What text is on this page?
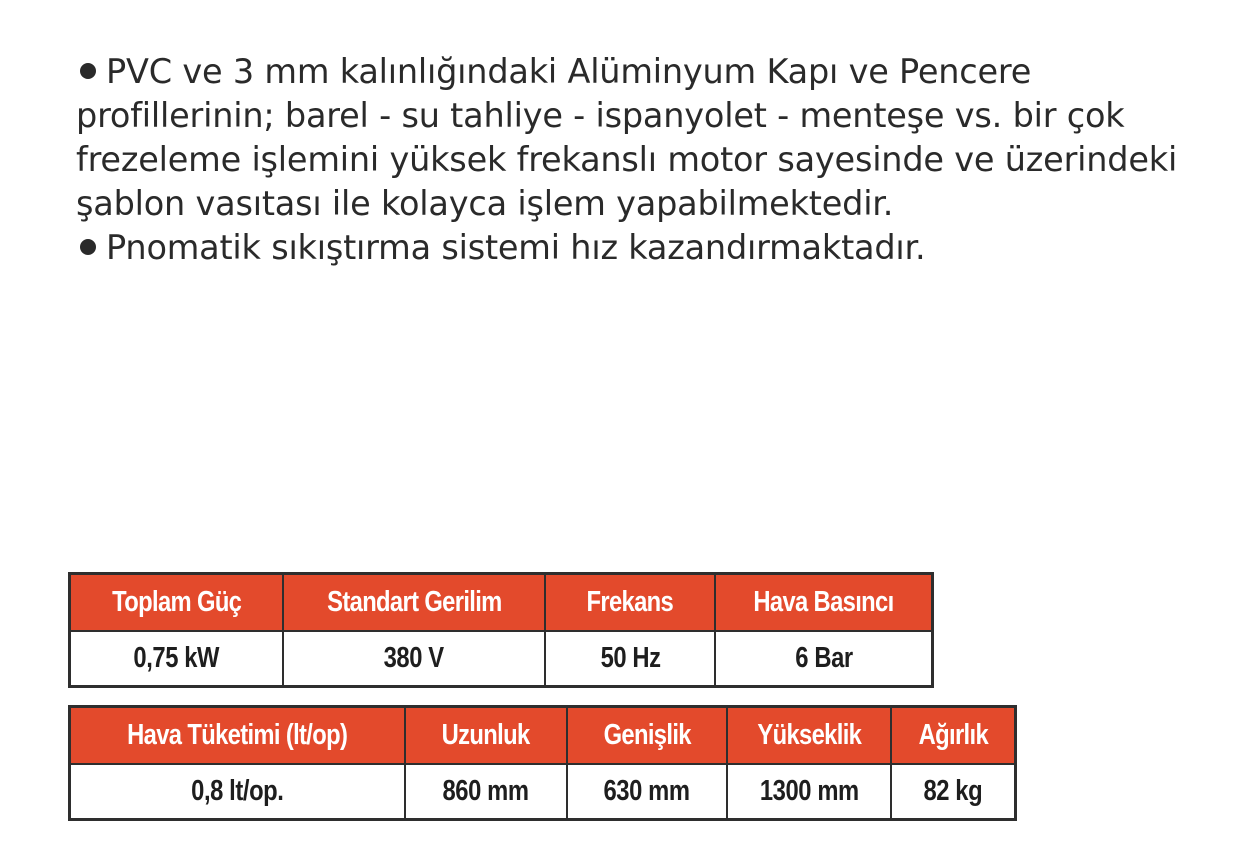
PVC ve 3 mm kalınlığındaki Alüminyum Kapı ve Pencere
profillerinin; barel - su tahliye - ispanyolet - menteşe vs. bir çok
frezeleme işlemini yüksek frekanslı motor sayesinde ve üzerindeki
şablon vasıtası ile kolayca işlem yapabilmektedir.

Pnomatik sıkıştırma sistemi hız kazandırmaktadır.

Toplam Güç	Standart Gerilim	Frekans	Hava Basıncı
0,75 kW	380 V	50 Hz	6 Bar
Hava Tüketimi (lt/op)	Uzunluk	Genişlik	Yükseklik	Ağırlık
0,8 lt/op.	860 mm	630 mm	1300 mm	82 kg
